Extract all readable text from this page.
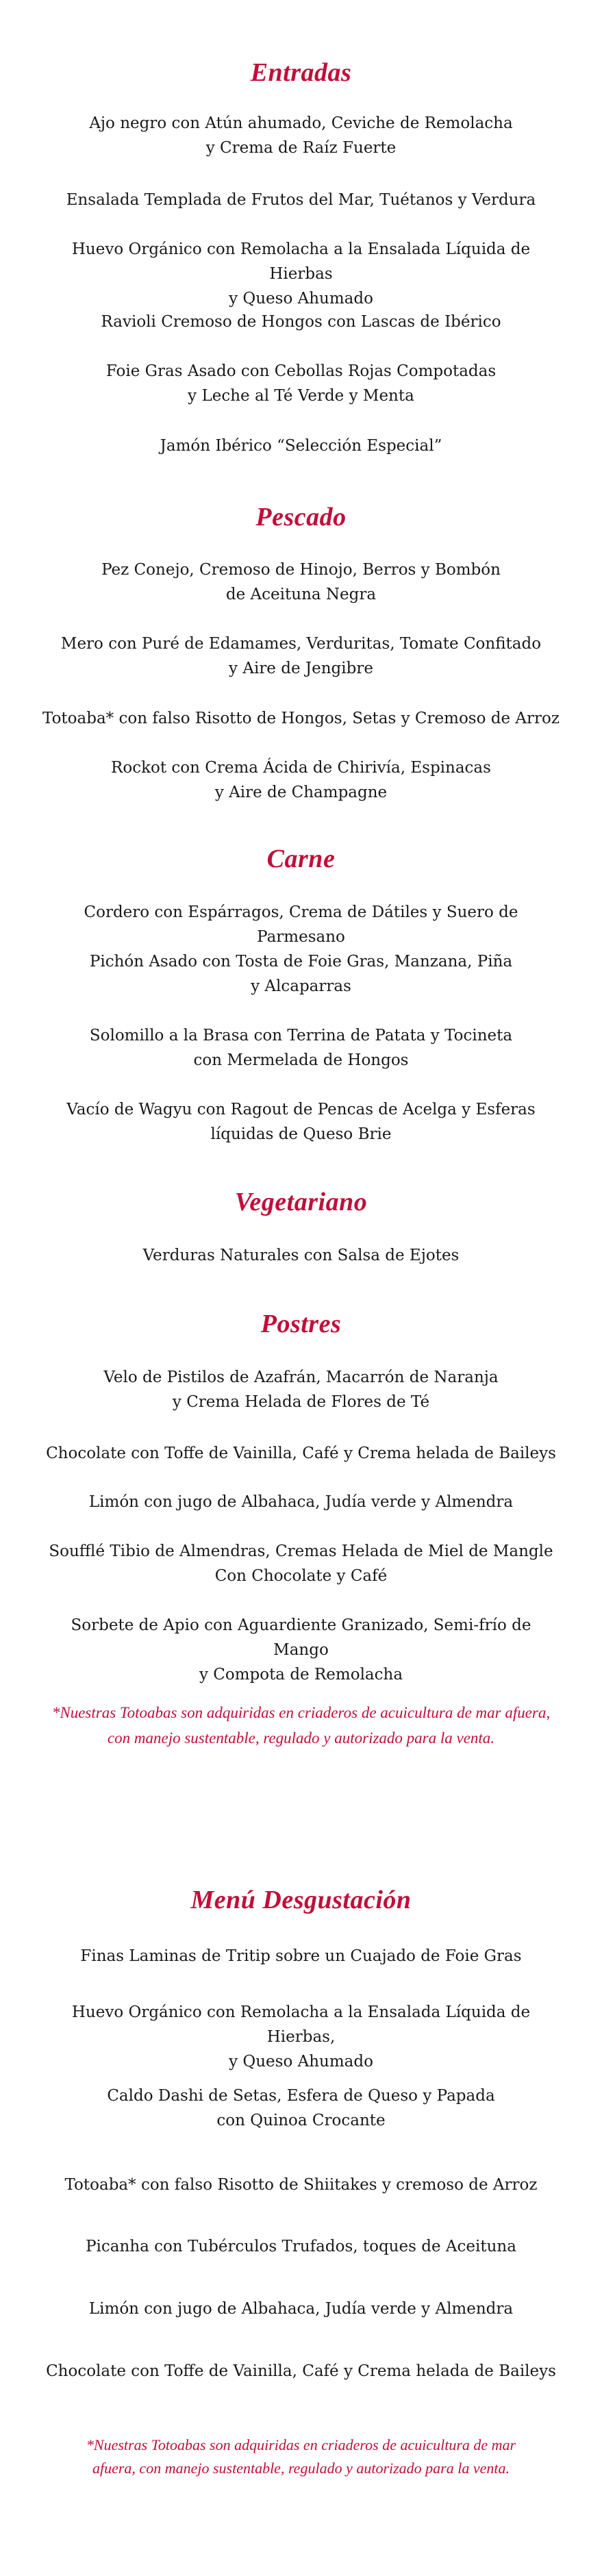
Entradas

Ajo negro con Atún ahumado, Ceviche de Remolacha
y Crema de Raíz Fuerte

Ensalada Templada de Frutos del Mar, Tuétanos y Verdura

Huevo Orgánico con Remolacha a la Ensalada Líquida de Hierbas
y Queso Ahumado

Ravioli Cremoso de Hongos con Lascas de Ibérico

Foie Gras Asado con Cebollas Rojas Compotadas
y Leche al Té Verde y Menta

Jamón Ibérico “Selección Especial”

Pescado

Pez Conejo, Cremoso de Hinojo, Berros y Bombón
de Aceituna Negra

Mero con Puré de Edamames, Verduritas, Tomate Confitado
y Aire de Jengibre

Totoaba* con falso Risotto de Hongos, Setas y Cremoso de Arroz

Rockot con Crema Ácida de Chirivía, Espinacas
y Aire de Champagne

Carne

Cordero con Espárragos, Crema de Dátiles y Suero de Parmesano

Pichón Asado con Tosta de Foie Gras, Manzana, Piña
y Alcaparras

Solomillo a la Brasa con Terrina de Patata y Tocineta
con Mermelada de Hongos

Vacío de Wagyu con Ragout de Pencas de Acelga y Esferas
líquidas de Queso Brie

Vegetariano

Verduras Naturales con Salsa de Ejotes

Postres

Velo de Pistilos de Azafrán, Macarrón de Naranja
y Crema Helada de Flores de Té

Chocolate con Toffe de Vainilla, Café y Crema helada de Baileys

Limón con jugo de Albahaca, Judía verde y Almendra

Soufflé Tibio de Almendras, Cremas Helada de Miel de Mangle
Con Chocolate y Café

Sorbete de Apio con Aguardiente Granizado, Semi-frío de Mango
y Compota de Remolacha

*Nuestras Totoabas son adquiridas en criaderos de acuicultura de mar afuera,
con manejo sustentable, regulado y autorizado para la venta.

Menú Desgustación

Finas Laminas de Tritip sobre un Cuajado de Foie Gras

Huevo Orgánico con Remolacha a la Ensalada Líquida de Hierbas,
y Queso Ahumado

Caldo Dashi de Setas, Esfera de Queso y Papada
con Quinoa Crocante

Totoaba* con falso Risotto de Shiitakes y cremoso de Arroz

Picanha con Tubérculos Trufados, toques de Aceituna

Limón con jugo de Albahaca, Judía verde y Almendra

Chocolate con Toffe de Vainilla, Café y Crema helada de Baileys

*Nuestras Totoabas son adquiridas en criaderos de acuicultura de mar
afuera, con manejo sustentable, regulado y autorizado para la venta.
